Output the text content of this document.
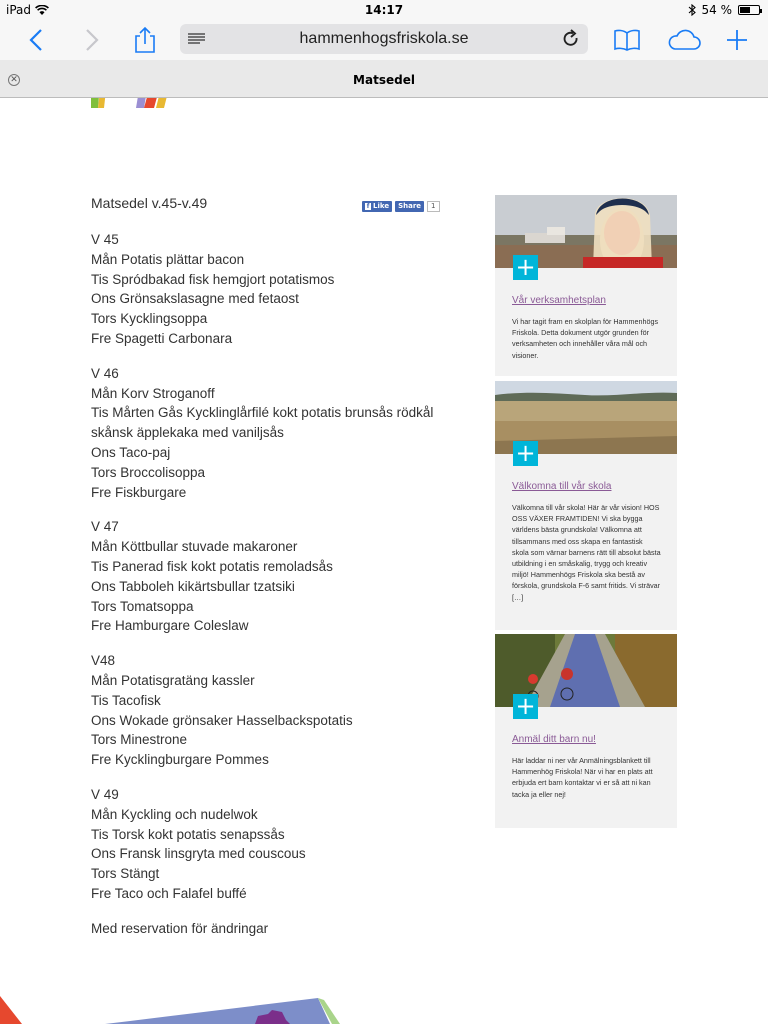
iPad	14:17	54 %
hammenhogsfriskola.se
✕	Matsedel
f Like Share	1
Matsedel v.45-v.49
V 45
Mån Potatis plättar bacon
Tis Spródbakad fisk hemgjort potatismos
Ons Grönsakslasagne med fetaost
Tors Kycklingsoppa
Fre Spagetti Carbonara
V 46
Mån Korv Stroganoff
Tis Mårten Gås Kycklinglårfilé kokt potatis brunsås rödkål
skånsk äpplekaka med vaniljsås
Ons Taco-paj
Tors Broccolisoppa
Fre Fiskburgare
V 47
Mån Köttbullar stuvade makaroner
Tis Panerad fisk kokt potatis remoladsås
Ons Tabboleh kikärtsbullar tzatsiki
Tors Tomatsoppa
Fre Hamburgare Coleslaw
V48
Mån Potatisgratäng kassler
Tis Tacofisk
Ons Wokade grönsaker Hasselbackspotatis
Tors Minestrone
Fre Kycklingburgare Pommes
V 49
Mån Kyckling och nudelwok
Tis Torsk kokt potatis senapssås
Ons Fransk linsgryta med couscous
Tors Stängt
Fre Taco och Falafel buffé
Med reservation för ändringar
+
Vår verksamhetsplan
Vi har tagit fram en skolplan för Hammenhögs Friskola. Detta dokument utgör grunden för verksamheten och innehåller våra mål och visioner.
+
Välkomna till vår skola
Välkomna till vår skola! Här är vår vision! HOS OSS VÄXER FRAMTIDEN! Vi ska bygga världens bästa grundskola! Välkomna att tillsammans med oss skapa en fantastisk skola som värnar barnens rätt till absolut bästa utbildning i en småskalig, trygg och kreativ miljö! Hammenhögs Friskola ska bestå av förskola, grundskola F-6 samt fritids. Vi strävar […]
+
Anmäl ditt barn nu!
Här laddar ni ner vår Anmälningsblankett till Hammenhög Friskola! När vi har en plats att erbjuda ert barn kontaktar vi er så att ni kan tacka ja eller nej!
